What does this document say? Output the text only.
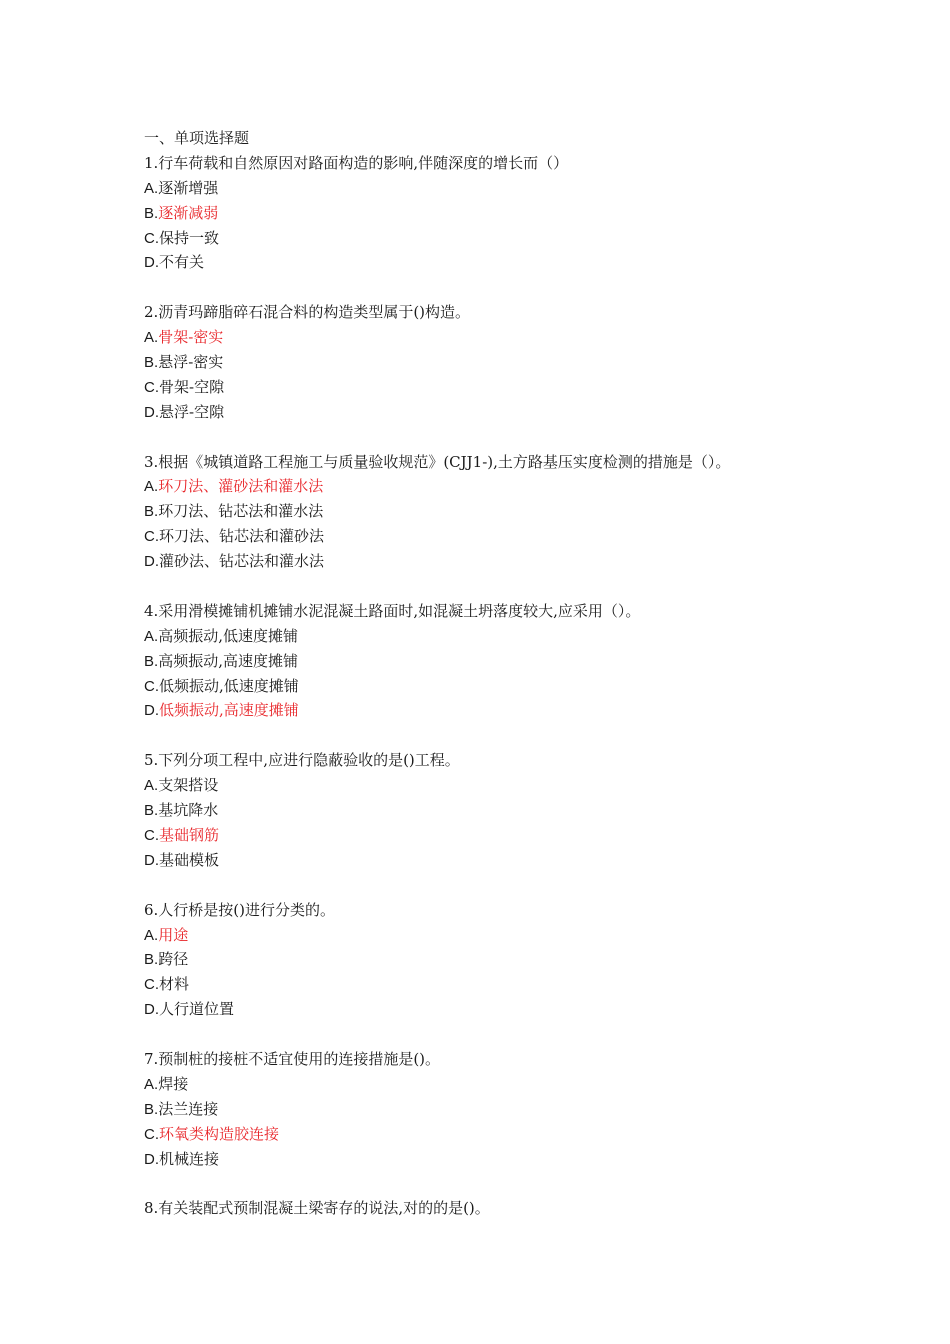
一、单项选择题
1.行车荷载和自然原因对路面构造的影响,伴随深度的增长而（）
A.逐渐增强
B.逐渐减弱
C.保持一致
D.不有关
2.沥青玛蹄脂碎石混合料的构造类型属于()构造。
A.骨架-密实
B.悬浮-密实
C.骨架-空隙
D.悬浮-空隙
3.根据《城镇道路工程施工与质量验收规范》(CJJ1-),土方路基压实度检测的措施是（）。
A.环刀法、灌砂法和灌水法
B.环刀法、钻芯法和灌水法
C.环刀法、钻芯法和灌砂法
D.灌砂法、钻芯法和灌水法
4.采用滑模摊铺机摊铺水泥混凝土路面时,如混凝土坍落度较大,应采用（）。
A.高频振动,低速度摊铺
B.高频振动,高速度摊铺
C.低频振动,低速度摊铺
D.低频振动,高速度摊铺
5.下列分项工程中,应进行隐蔽验收的是()工程。
A.支架搭设
B.基坑降水
C.基础钢筋
D.基础模板
6.人行桥是按()进行分类的。
A.用途
B.跨径
C.材料
D.人行道位置
7.预制桩的接桩不适宜使用的连接措施是()。
A.焊接
B.法兰连接
C.环氧类构造胶连接
D.机械连接
8.有关装配式预制混凝土梁寄存的说法,对的的是()。
